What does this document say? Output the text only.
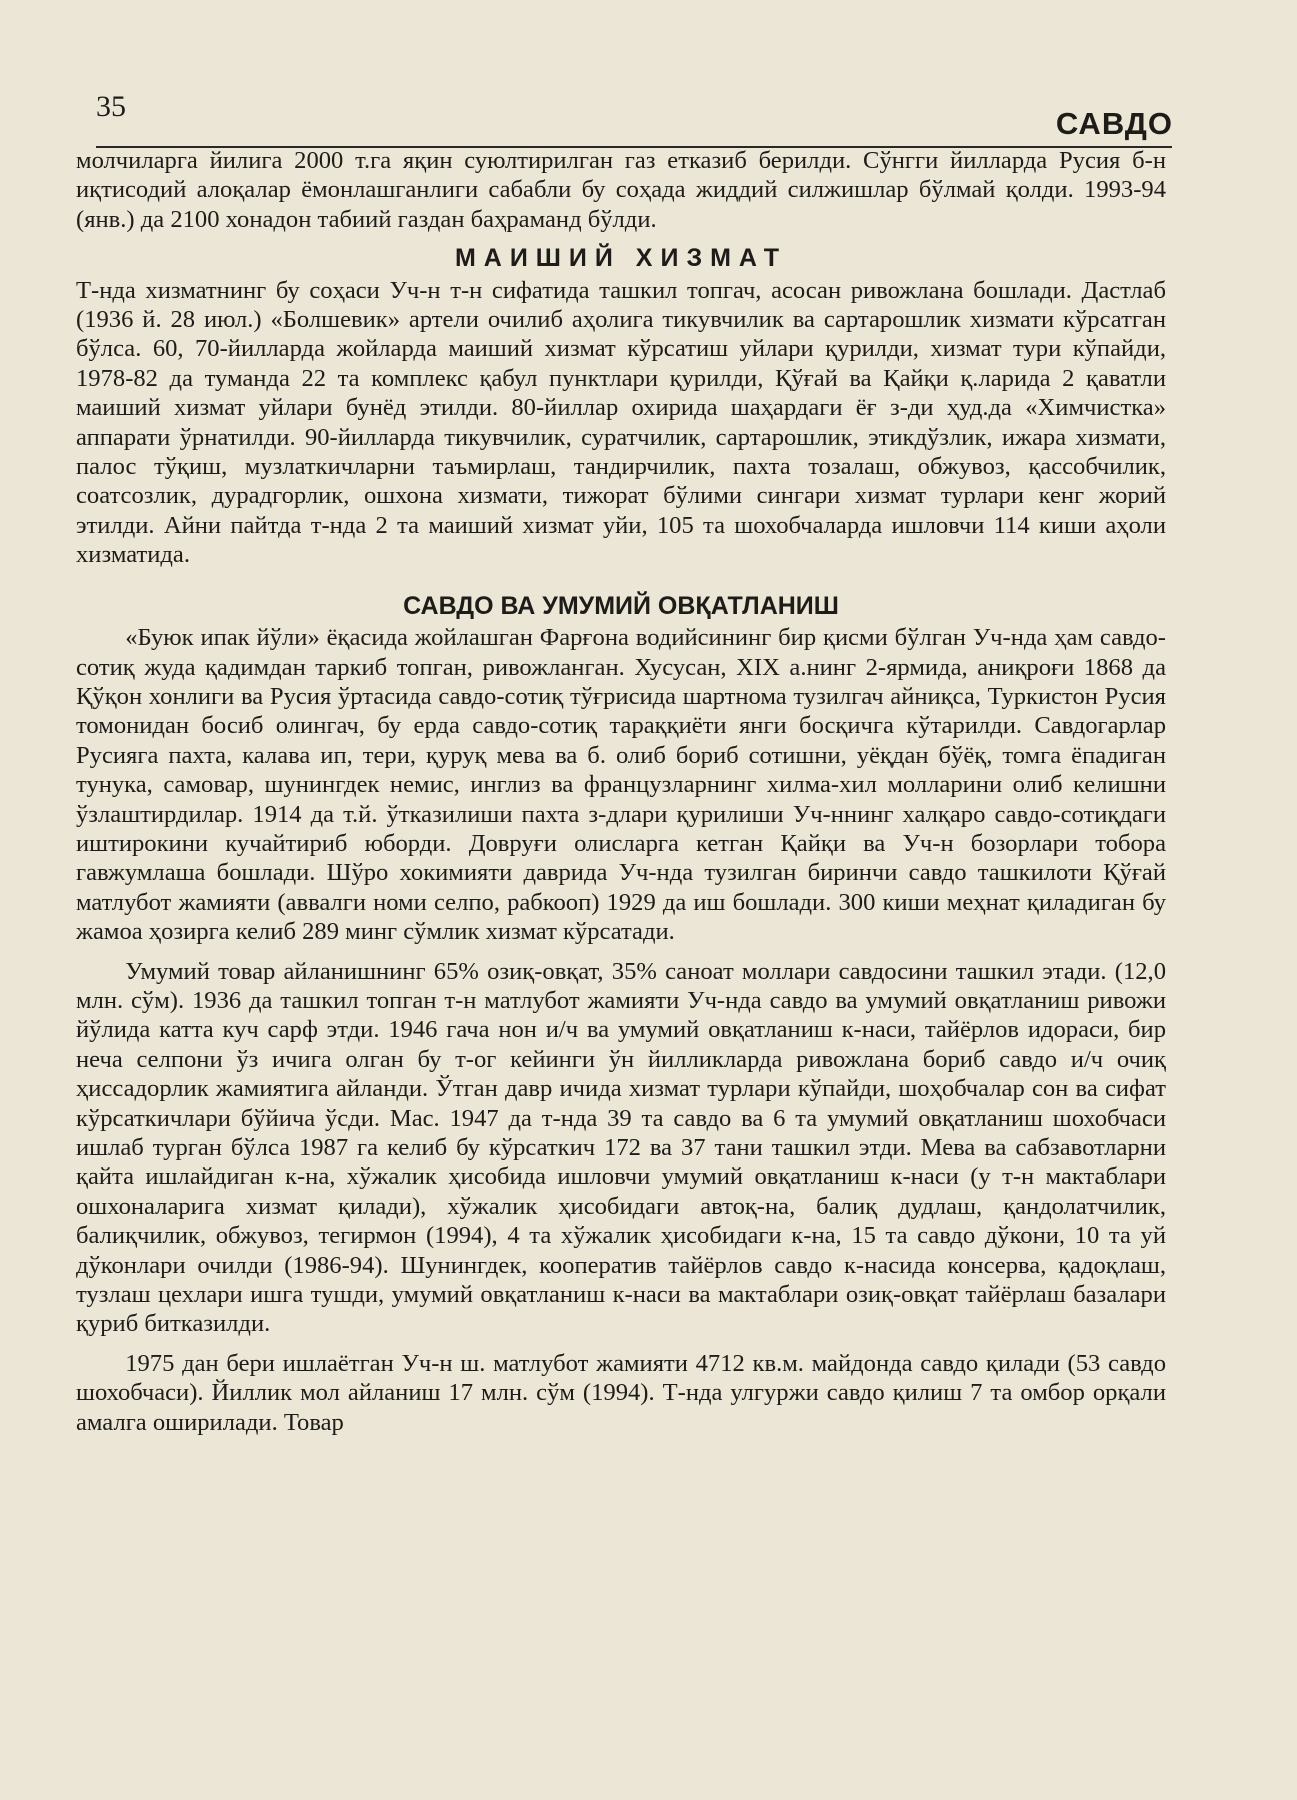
35	САВДО

молчиларга йилига 2000 т.га яқин суюлтирилган газ етказиб берилди. Сўнгги йилларда Русия б-н иқтисодий алоқалар ёмонлашганлиги сабабли бу соҳада жиддий силжишлар бўлмай қолди. 1993-94 (янв.) да 2100 хонадон табиий газдан баҳраманд бўлди.

МАИШИЙ ХИЗМАТ

Т-нда хизматнинг бу соҳаси Уч-н т-н сифатида ташкил топгач, асосан ривожлана бошлади. Дастлаб (1936 й. 28 июл.) «Болшевик» артели очилиб аҳолига тикувчилик ва сартарошлик хизмати кўрсатган бўлса. 60, 70-йилларда жойларда маиший хизмат кўрсатиш уйлари қурилди, хизмат тури кўпайди, 1978-82 да туманда 22 та комплекс қабул пунктлари қурилди, Қўғай ва Қайқи қ.ларида 2 қаватли маиший хизмат уйлари бунёд этилди. 80-йиллар охирида шаҳардаги ёғ з-ди ҳуд.да «Химчистка» аппарати ўрнатилди. 90-йилларда тикувчилик, суратчилик, сартарошлик, этикдўзлик, ижара хизмати, палос тўқиш, музлаткичларни таъмирлаш, тандирчилик, пахта тозалаш, обжувоз, қассобчилик, соатсозлик, дурадгорлик, ошхона хизмати, тижорат бўлими сингари хизмат турлари кенг жорий этилди. Айни пайтда т-нда 2 та маиший хизмат уйи, 105 та шохобчаларда ишловчи 114 киши аҳоли хизматида.

САВДО ВА УМУМИЙ ОВҚАТЛАНИШ

«Буюк ипак йўли» ёқасида жойлашган Фарғона водийсининг бир қисми бўлган Уч-нда ҳам савдо-сотиқ жуда қадимдан таркиб топган, ривожланган. Хусусан, XIX а.нинг 2-ярмида, аниқроғи 1868 да Қўқон хонлиги ва Русия ўртасида савдо-сотиқ тўғрисида шартнома тузилгач айниқса, Туркистон Русия томонидан босиб олингач, бу ерда савдо-сотиқ тараққиёти янги босқичга кўтарилди. Савдогарлар Русияга пахта, калава ип, тери, қуруқ мева ва б. олиб бориб сотишни, уёқдан бўёқ, томга ёпадиган тунука, самовар, шунингдек немис, инглиз ва французларнинг хилма-хил молларини олиб келишни ўзлаштирдилар. 1914 да т.й. ўтказилиши пахта з-длари қурилиши Уч-ннинг халқаро савдо-сотиқдаги иштирокини кучайтириб юборди. Довруғи олисларга кетган Қайқи ва Уч-н бозорлари тобора гавжумлаша бошлади. Шўро хокимияти даврида Уч-нда тузилган биринчи савдо ташкилоти Қўғай матлубот жамияти (аввалги номи селпо, рабкооп) 1929 да иш бошлади. 300 киши меҳнат қиладиган бу жамоа ҳозирга келиб 289 минг сўмлик хизмат кўрсатади.

Умумий товар айланишнинг 65% озиқ-овқат, 35% саноат моллари савдосини ташкил этади. (12,0 млн. сўм). 1936 да ташкил топган т-н матлубот жамияти Уч-нда савдо ва умумий овқатланиш ривожи йўлида катта куч сарф этди. 1946 гача нон и/ч ва умумий овқатланиш к-наси, тайёрлов идораси, бир неча селпони ўз ичига олган бу т-ог кейинги ўн йилликларда ривожланa бориб савдо и/ч очиқ ҳиссадорлик жамиятига айланди. Ўтган давр ичида хизмат турлари кўпайди, шоҳобчалар сон ва сифат кўрсаткичлари бўйича ўсди. Мас. 1947 да т-нда 39 та савдо ва 6 та умумий овқатланиш шохобчаси ишлаб турган бўлса 1987 га келиб бу кўрсаткич 172 ва 37 тани ташкил этди. Мева ва сабзавотларни қайта ишлайдиган к-на, хўжалик ҳисобида ишловчи умумий овқатланиш к-наси (у т-н мактаблари ошхоналарига хизмат қилади), хўжалик ҳисобидаги автоқ-на, балиқ дудлаш, қандолатчилик, балиқчилик, обжувоз, тегирмон (1994), 4 та хўжалик ҳисобидаги к-на, 15 та савдо дўкони, 10 та уй дўконлари очилди (1986-94). Шунингдек, кооператив тайёрлов савдо к-насида консерва, қадоқлаш, тузлаш цехлари ишга тушди, умумий овқатланиш к-наси ва мактаблари озиқ-овқат тайёрлаш базалари қуриб битказилди.

1975 дан бери ишлаётган Уч-н ш. матлубот жамияти 4712 кв.м. майдонда савдо қилади (53 савдо шохобчаси). Йиллик мол айланиш 17 млн. сўм (1994). Т-нда улгуржи савдо қилиш 7 та омбор орқали амалга оширилади. Товар
